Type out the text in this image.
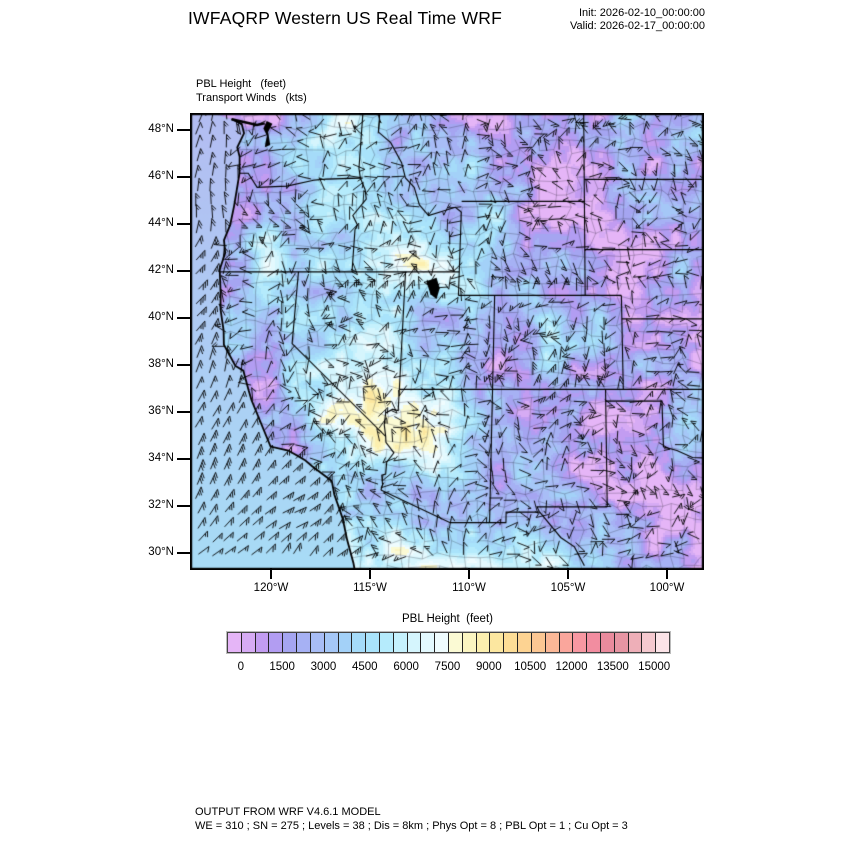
IWFAQRP Western US Real Time WRF	Init: 2026-02-10_00:00:00
Valid: 2026-02-17_00:00:00
PBL Height   (feet)
Transport Winds   (kts)
PBL Height  (feet)
OUTPUT FROM WRF V4.6.1 MODEL
WE = 310 ; SN = 275 ; Levels = 38 ; Dis = 8km ; Phys Opt = 8 ; PBL Opt = 1 ; Cu Opt = 3
48°N
46°N
44°N
42°N
40°N
38°N
36°N
34°N
32°N
30°N
120°W	115°W	110°W	105°W	100°W
0	1500	3000	4500	6000	7500	9000	10500 12000 13500 15000
